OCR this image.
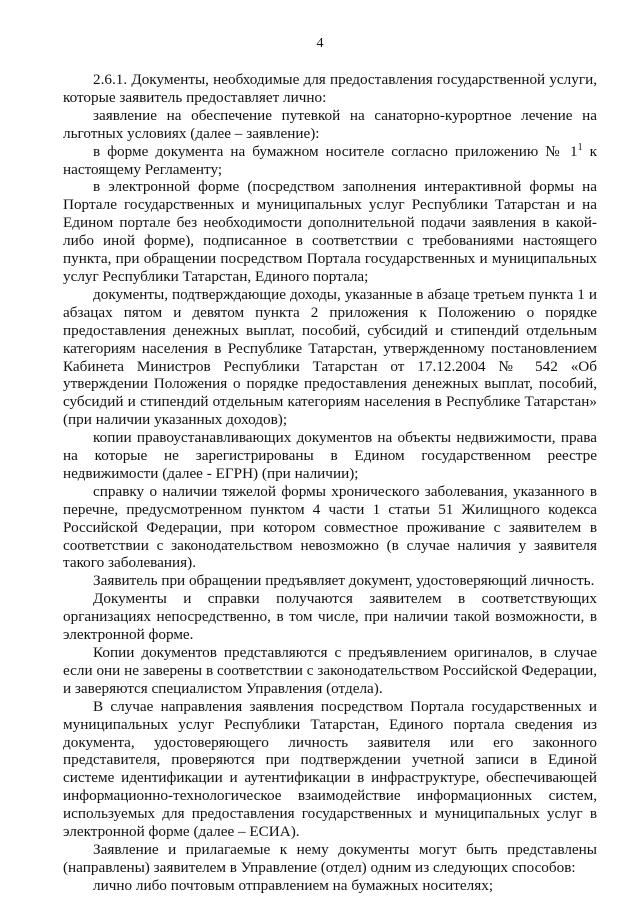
4

2.6.1. Документы, необходимые для предоставления государственной услуги, которые заявитель предоставляет лично:

заявление на обеспечение путевкой на санаторно-курортное лечение на льготных условиях (далее – заявление):

в форме документа на бумажном носителе согласно приложению № $1^1$ к настоящему Регламенту;

в электронной форме (посредством заполнения интерактивной формы на Портале государственных и муниципальных услуг Республики Татарстан и на Едином портале без необходимости дополнительной подачи заявления в какой-либо иной форме), подписанное в соответствии с требованиями настоящего пункта, при обращении посредством Портала государственных и муниципальных услуг Республики Татарстан, Единого портала;

документы, подтверждающие доходы, указанные в абзаце третьем пункта 1 и абзацах пятом и девятом пункта 2 приложения к Положению о порядке предоставления денежных выплат, пособий, субсидий и стипендий отдельным категориям населения в Республике Татарстан, утвержденному постановлением Кабинета Министров Республики Татарстан от 17.12.2004 № 542 «Об утверждении Положения о порядке предоставления денежных выплат, пособий, субсидий и стипендий отдельным категориям населения в Республике Татарстан» (при наличии указанных доходов);

копии правоустанавливающих документов на объекты недвижимости, права на которые не зарегистрированы в Едином государственном реестре недвижимости (далее - ЕГРН) (при наличии);

справку о наличии тяжелой формы хронического заболевания, указанного в перечне, предусмотренном пунктом 4 части 1 статьи 51 Жилищного кодекса Российской Федерации, при котором совместное проживание с заявителем в соответствии с законодательством невозможно (в случае наличия у заявителя такого заболевания).

Заявитель при обращении предъявляет документ, удостоверяющий личность.

Документы и справки получаются заявителем в соответствующих организациях непосредственно, в том числе, при наличии такой возможности, в электронной форме.

Копии документов представляются с предъявлением оригиналов, в случае если они не заверены в соответствии с законодательством Российской Федерации, и заверяются специалистом Управления (отдела).

В случае направления заявления посредством Портала государственных и муниципальных услуг Республики Татарстан, Единого портала сведения из документа, удостоверяющего личность заявителя или его законного представителя, проверяются при подтверждении учетной записи в Единой системе идентификации и аутентификации в инфраструктуре, обеспечивающей информационно-технологическое взаимодействие информационных систем, используемых для предоставления государственных и муниципальных услуг в электронной форме (далее – ЕСИА).

Заявление и прилагаемые к нему документы могут быть представлены (направлены) заявителем в Управление (отдел) одним из следующих способов:

лично либо почтовым отправлением на бумажных носителях;
